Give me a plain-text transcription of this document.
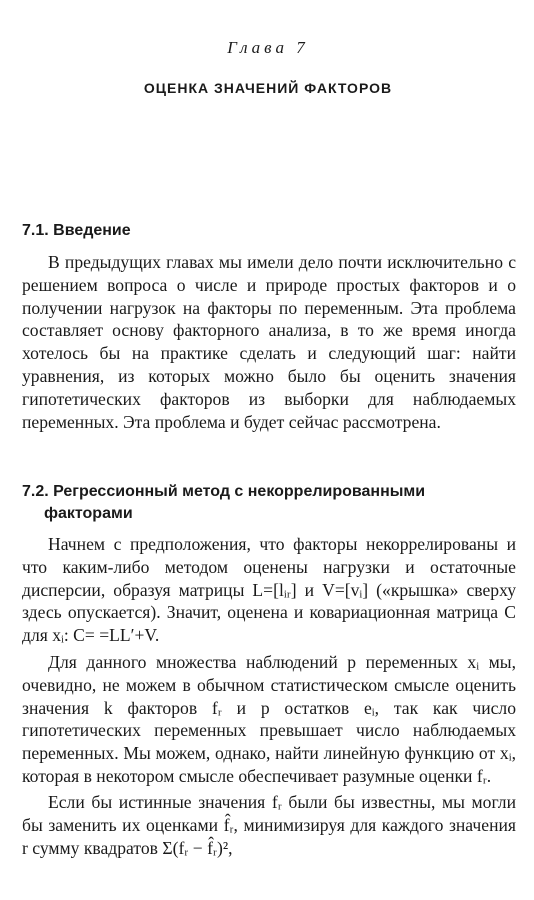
Глава 7
ОЦЕНКА ЗНАЧЕНИЙ ФАКТОРОВ
7.1. Введение
В предыдущих главах мы имели дело почти исключительно с решением вопроса о числе и природе простых факторов и о получении нагрузок на факторы по переменным. Эта проблема составляет основу факторного анализа, в то же время иногда хотелось бы на практике сделать и следующий шаг: найти уравнения, из которых можно было бы оценить значения гипотетических факторов из выборки для наблюдаемых переменных. Эта проблема и будет сейчас рассмотрена.
7.2. Регрессионный метод с некоррелированными
факторами
Начнем с предположения, что факторы некоррелированы и что каким-либо методом оценены нагрузки и остаточные дисперсии, образуя матрицы L=[lᵢᵣ] и V=[vᵢ] («крышка» сверху здесь опускается). Значит, оценена и ковариационная матрица C для xᵢ: C= =LL′+V.
Для данного множества наблюдений p переменных xᵢ мы, очевидно, не можем в обычном статистическом смысле оценить значения k факторов fᵣ и p остатков eᵢ, так как число гипотетических переменных превышает число наблюдаемых переменных. Мы можем, однако, найти линейную функцию от xᵢ, которая в некотором смысле обеспечивает разумные оценки fᵣ.
Если бы истинные значения fᵣ были бы известны, мы могли бы заменить их оценками f̂ᵣ, минимизируя для каждого значения r сумму квадратов Σ(fᵣ − f̂ᵣ)²,
